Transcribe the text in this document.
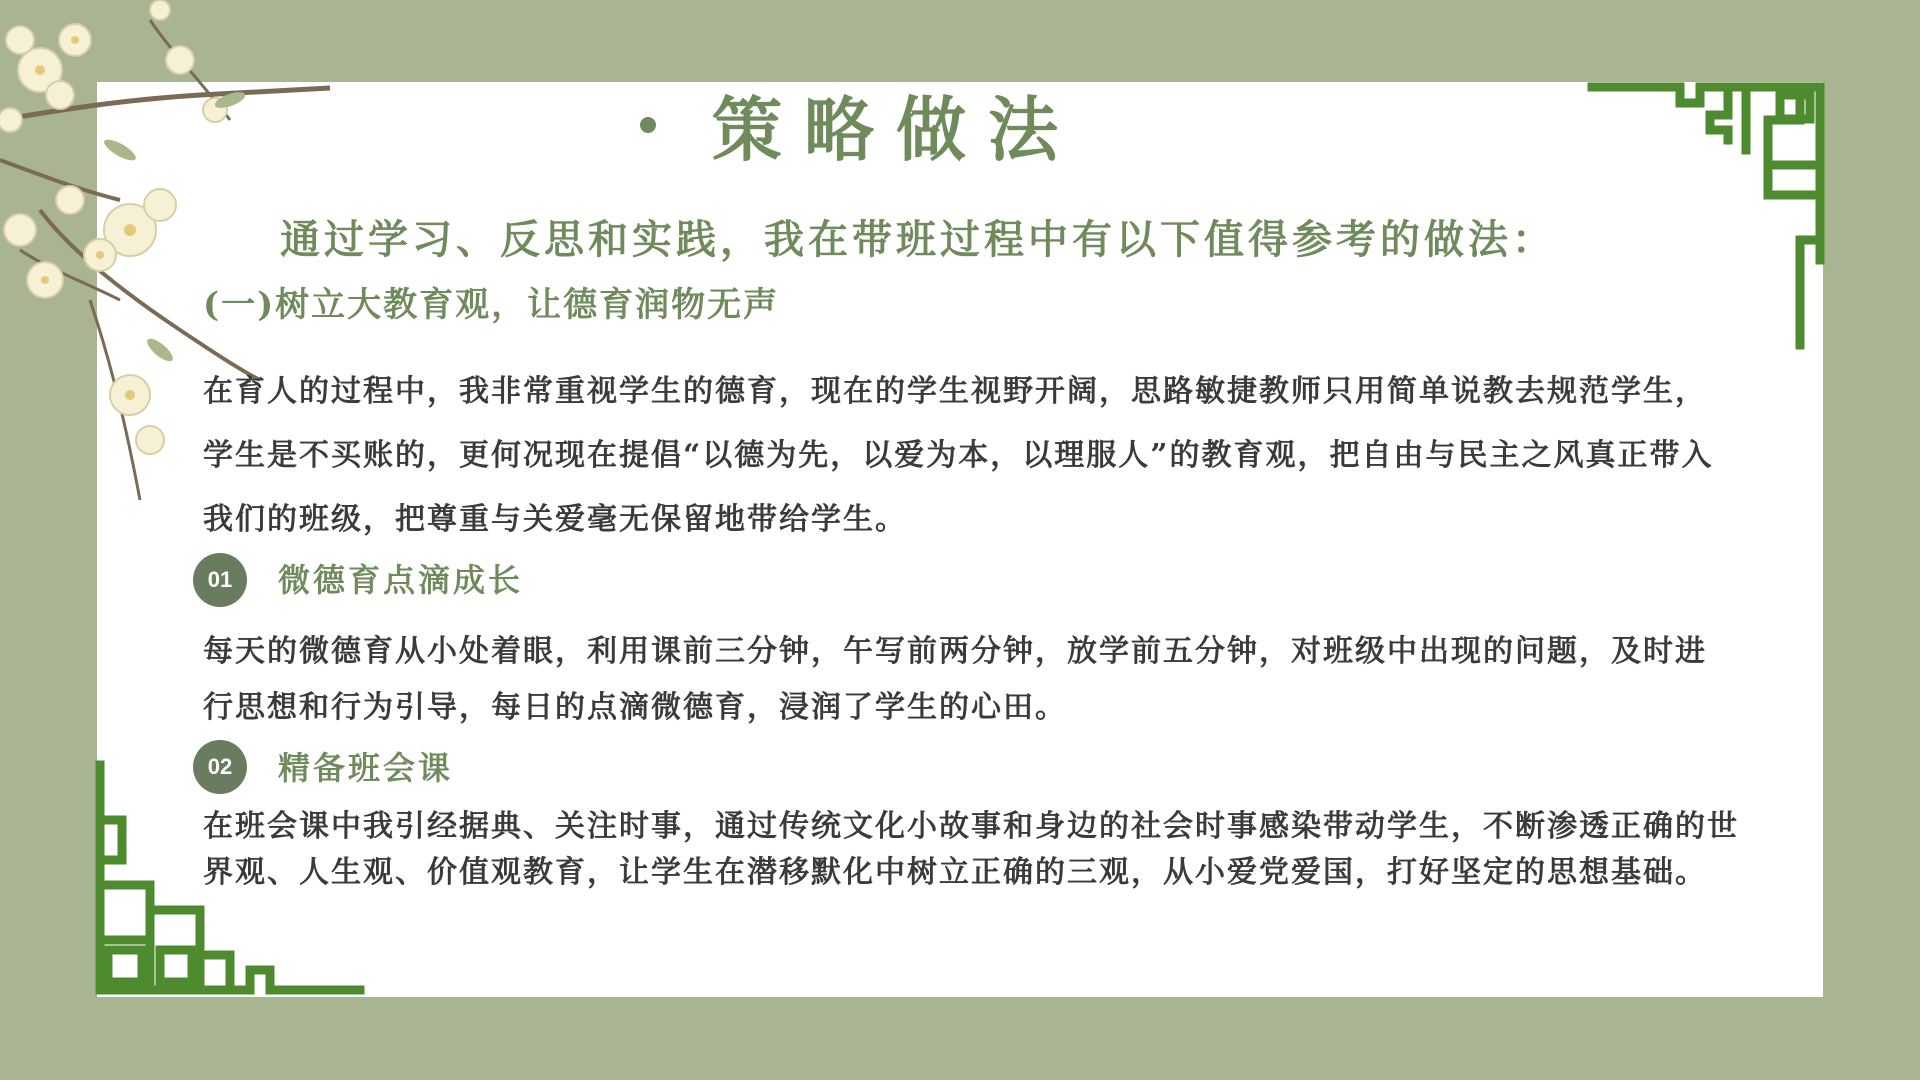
策略做法
通过学习、反思和实践，我在带班过程中有以下值得参考的做法：
(一)树立大教育观，让德育润物无声
在育人的过程中，我非常重视学生的德育，现在的学生视野开阔，思路敏捷教师只用简单说教去规范学生，学生是不买账的，更何况现在提倡“以德为先，以爱为本，以理服人”的教育观，把自由与民主之风真正带入我们的班级，把尊重与关爱毫无保留地带给学生。
01	微德育点滴成长
每天的微德育从小处着眼，利用课前三分钟，午写前两分钟，放学前五分钟，对班级中出现的问题，及时进行思想和行为引导，每日的点滴微德育，浸润了学生的心田。
02	精备班会课
在班会课中我引经据典、关注时事，通过传统文化小故事和身边的社会时事感染带动学生，不断渗透正确的世界观、人生观、价值观教育，让学生在潜移默化中树立正确的三观，从小爱党爱国，打好坚定的思想基础。
